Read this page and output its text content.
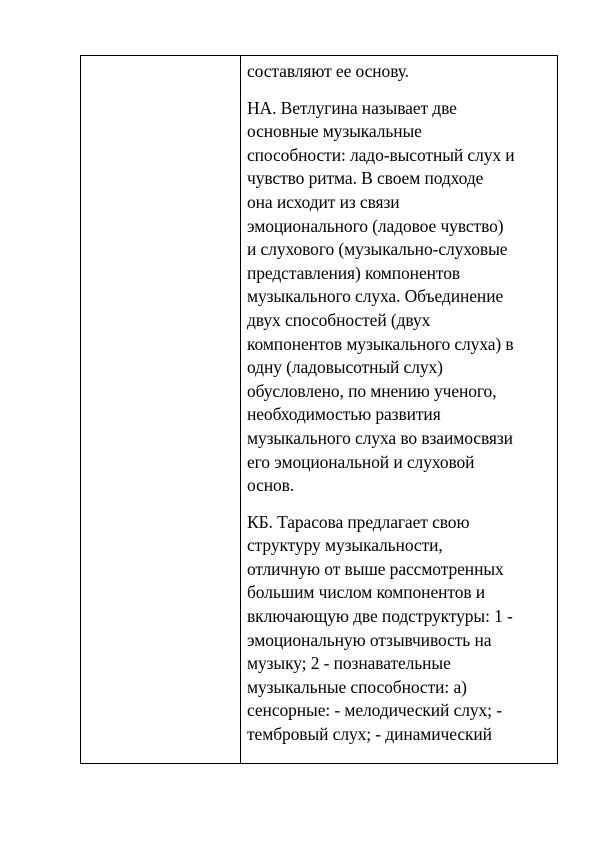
составляют ее основу.

НА. Ветлугина называет две
основные музыкальные
способности: ладо-высотный слух и
чувство ритма. В своем подходе
она исходит из связи
эмоционального (ладовое чувство)
и слухового (музыкально-слуховые
представления) компонентов
музыкального слуха. Объединение
двух способностей (двух
компонентов музыкального слуха) в
одну (ладовысотный слух)
обусловлено, по мнению ученого,
необходимостью развития
музыкального слуха во взаимосвязи
его эмоциональной и слуховой
основ.

КБ. Тарасова предлагает свою
структуру музыкальности,
отличную от выше рассмотренных
большим числом компонентов и
включающую две подструктуры: 1 -
эмоциональную отзывчивость на
музыку; 2 - познавательные
музыкальные способности: а)
сенсорные: - мелодический слух; -
тембровый слух; - динамический
